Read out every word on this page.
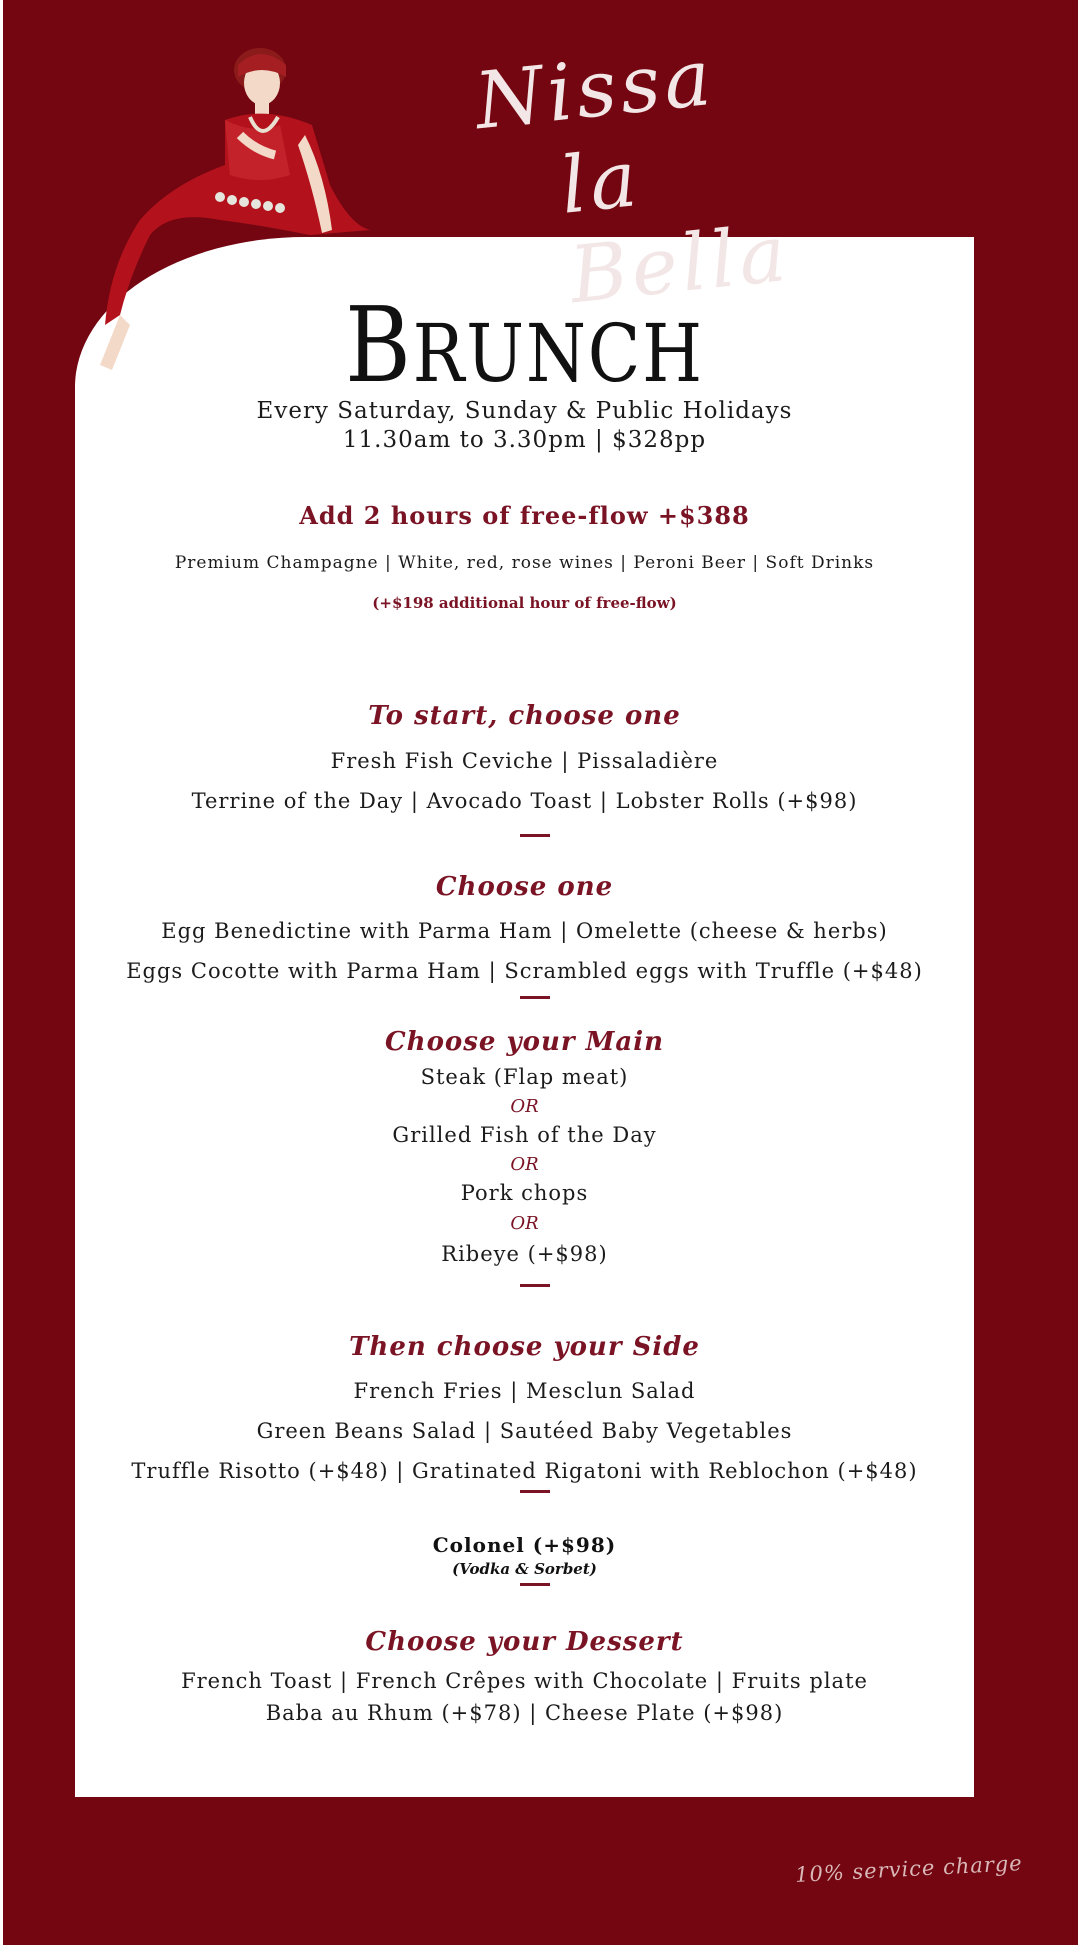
Nissa
la Bella
BRUNCH
Every Saturday, Sunday & Public Holidays
11.30am to 3.30pm | $328pp
Add 2 hours of free-flow +$388
Premium Champagne | White, red, rose wines | Peroni Beer | Soft Drinks
(+$198 additional hour of free-flow)
To start, choose one
Fresh Fish Ceviche | Pissaladière
Terrine of the Day | Avocado Toast | Lobster Rolls (+$98)
Choose one
Egg Benedictine with Parma Ham | Omelette (cheese & herbs)
Eggs Cocotte with Parma Ham | Scrambled eggs with Truffle (+$48)
Choose your Main
Steak (Flap meat)
OR
Grilled Fish of the Day
OR
Pork chops
OR
Ribeye (+$98)
Then choose your Side
French Fries | Mesclun Salad
Green Beans Salad | Sautéed Baby Vegetables
Truffle Risotto (+$48) | Gratinated Rigatoni with Reblochon (+$48)
Colonel (+$98)
(Vodka & Sorbet)
Choose your Dessert
French Toast | French Crêpes with Chocolate | Fruits plate
Baba au Rhum (+$78) | Cheese Plate (+$98)
10% service charge
